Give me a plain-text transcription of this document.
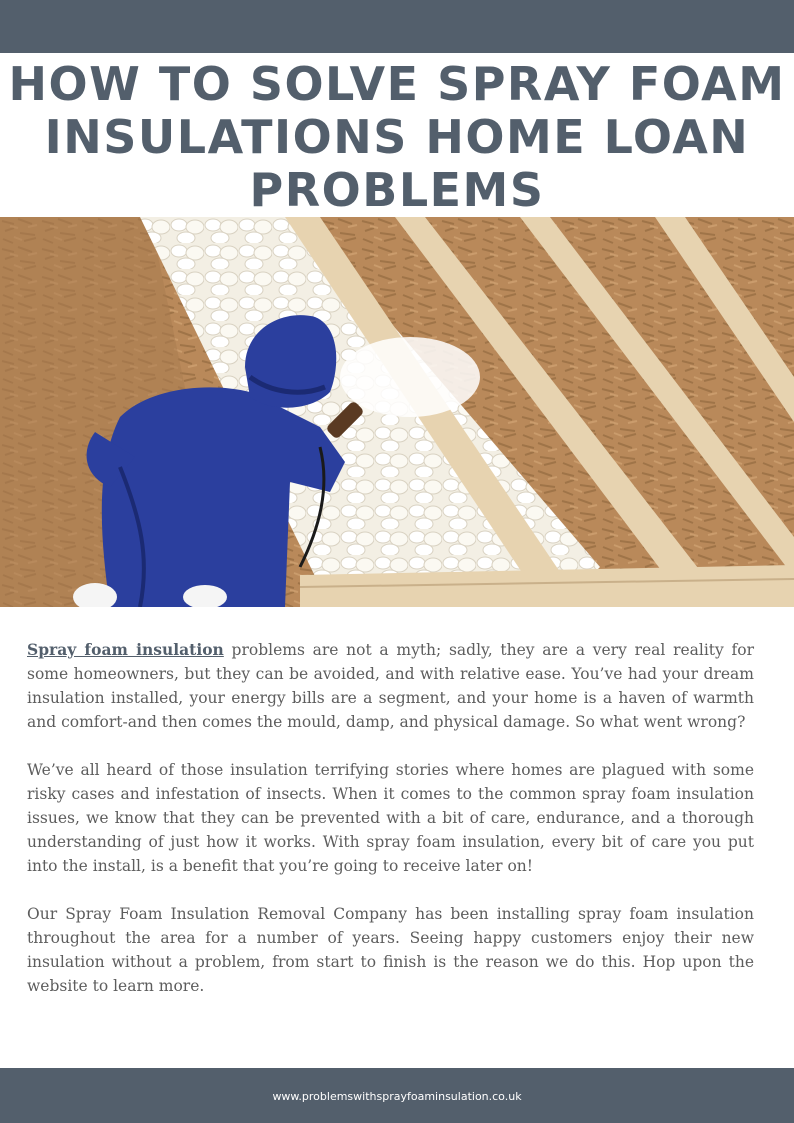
HOW TO SOLVE SPRAY FOAM
INSULATIONS HOME LOAN
PROBLEMS

Spray foam insulation problems are not a myth; sadly, they are a very real reality for some homeowners, but they can be avoided, and with relative ease. You’ve had your dream insulation installed, your energy bills are a segment, and your home is a haven of warmth and comfort-and then comes the mould, damp, and physical damage. So what went wrong?

We’ve all heard of those insulation terrifying stories where homes are plagued with some risky cases and infestation of insects. When it comes to the common spray foam insulation issues, we know that they can be prevented with a bit of care, endurance, and a thorough understanding of just how it works. With spray foam insulation, every bit of care you put into the install, is a benefit that you’re going to receive later on!

Our Spray Foam Insulation Removal Company has been installing spray foam insulation throughout the area for a number of years. Seeing happy customers enjoy their new insulation without a problem, from start to finish is the reason we do this. Hop upon the website to learn more.

www.problemswithsprayfoaminsulation.co.uk
